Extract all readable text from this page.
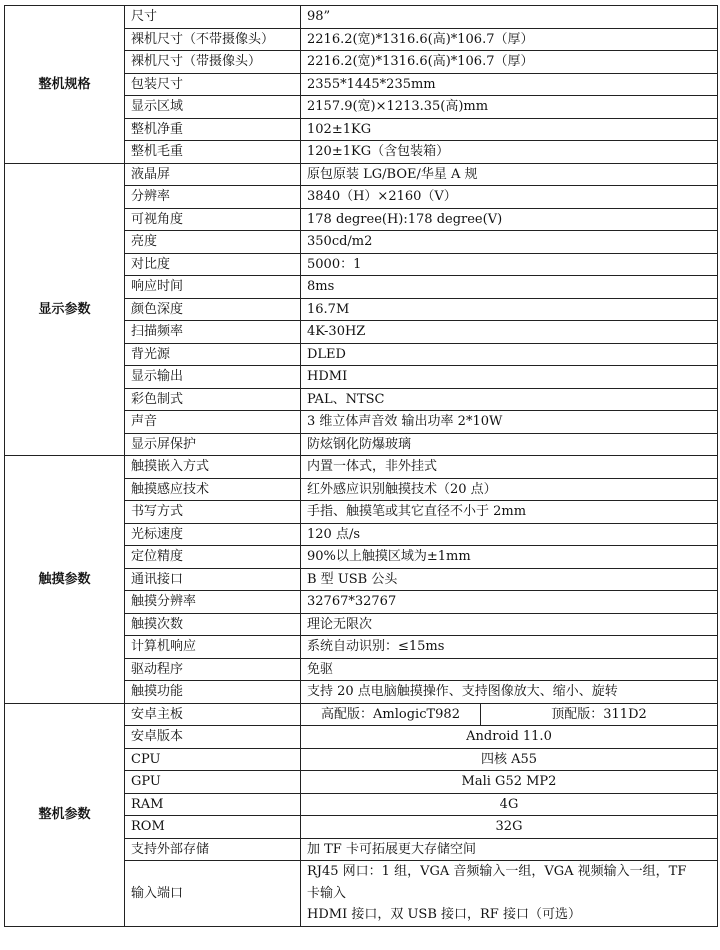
整机规格	尺寸	98”	
	裸机尺寸（不带摄像头）	2216.2(宽)*1316.6(高)*106.7（厚）	
	裸机尺寸（带摄像头）	2216.2(宽)*1316.6(高)*106.7（厚）	
	包装尺寸	2355*1445*235mm	
	显示区域	2157.9(宽)×1213.35(高)mm	
	整机净重	102±1KG	
	整机毛重	120±1KG（含包装箱）	
显示参数	液晶屏	原包原装 LG/BOE/华星 A 规	
	分辨率	3840（H）×2160（V）	
	可视角度	178 degree(H):178 degree(V)	
	亮度	350cd/m2	
	对比度	5000：1	
	响应时间	8ms	
	颜色深度	16.7M	
	扫描频率	4K-30HZ	
	背光源	DLED	
	显示输出	HDMI	
	彩色制式	PAL、NTSC	
	声音	3 维立体声音效 输出功率 2*10W	
	显示屏保护	防炫钢化防爆玻璃	
触摸参数	触摸嵌入方式	内置一体式，非外挂式	
	触摸感应技术	红外感应识别触摸技术（20 点）	
	书写方式	手指、触摸笔或其它直径不小于 2mm	
	光标速度	120 点/s	
	定位精度	90%以上触摸区域为±1mm	
	通讯接口	B 型 USB 公头	
	触摸分辨率	32767*32767	
	触摸次数	理论无限次	
	计算机响应	系统自动识别：≤15ms	
	驱动程序	免驱	
	触摸功能	支持 20 点电脑触摸操作、支持图像放大、缩小、旋转	
整机参数	安卓主板	高配版：AmlogicT982	顶配版：311D2
	安卓版本	Android 11.0	
	CPU	四核 A55	
	GPU	Mali G52 MP2	
	RAM	4G	
	ROM	32G	
	支持外部存储	加 TF 卡可拓展更大存储空间	
	输入端口	RJ45 网口：1 组，VGA 音频输入一组，VGA 视频输入一组，TF
卡输入
HDMI 接口，双 USB 接口，RF 接口（可选）	
